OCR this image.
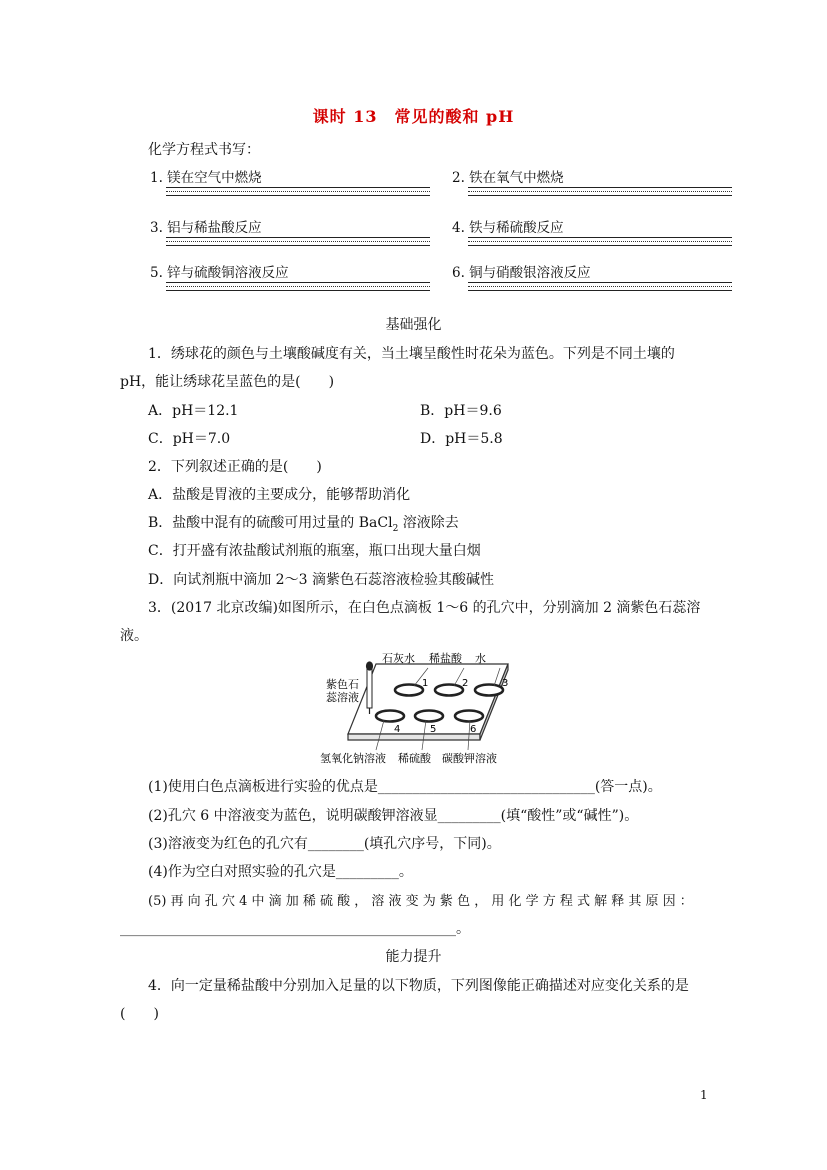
课时 13　常见的酸和 pH
化学方程式书写：
1. 镁在空气中燃烧	2. 铁在氧气中燃烧
3. 铝与稀盐酸反应	4. 铁与稀硫酸反应
5. 锌与硫酸铜溶液反应	6. 铜与硝酸银溶液反应
基础强化
1．绣球花的颜色与土壤酸碱度有关，当土壤呈酸性时花朵为蓝色。下列是不同土壤的
pH，能让绣球花呈蓝色的是(　　)
A．pH＝12.1	B．pH＝9.6
C．pH＝7.0	D．pH＝5.8
2．下列叙述正确的是(　　)
A．盐酸是胃液的主要成分，能够帮助消化
B．盐酸中混有的硫酸可用过量的 BaCl$_2$ 溶液除去
C．打开盛有浓盐酸试剂瓶的瓶塞，瓶口出现大量白烟
D．向试剂瓶中滴加 2～3 滴紫色石蕊溶液检验其酸碱性
3．(2017 北京改编)如图所示，在白色点滴板 1～6 的孔穴中，分别滴加 2 滴紫色石蕊溶
液。
石灰水 稀盐酸 水
氢氧化钠溶液 稀硫酸 碳酸钾溶液
紫色石
蕊溶液
1	2	3
4	5	6
(1)使用白色点滴板进行实验的优点是_______________________________(答一点)。
(2)孔穴 6 中溶液变为蓝色，说明碳酸钾溶液显_________(填“酸性”或“碱性”)。
(3)溶液变为红色的孔穴有________(填孔穴序号，下同)。
(4)作为空白对照实验的孔穴是_________。
(5) 再 向 孔 穴 4 中 滴 加 稀 硫 酸 ， 溶 液 变 为 紫 色 ， 用 化 学 方 程 式 解 释 其 原 因 ：
________________________________________________。
能力提升
4．向一定量稀盐酸中分别加入足量的以下物质，下列图像能正确描述对应变化关系的是
(　　)
1
